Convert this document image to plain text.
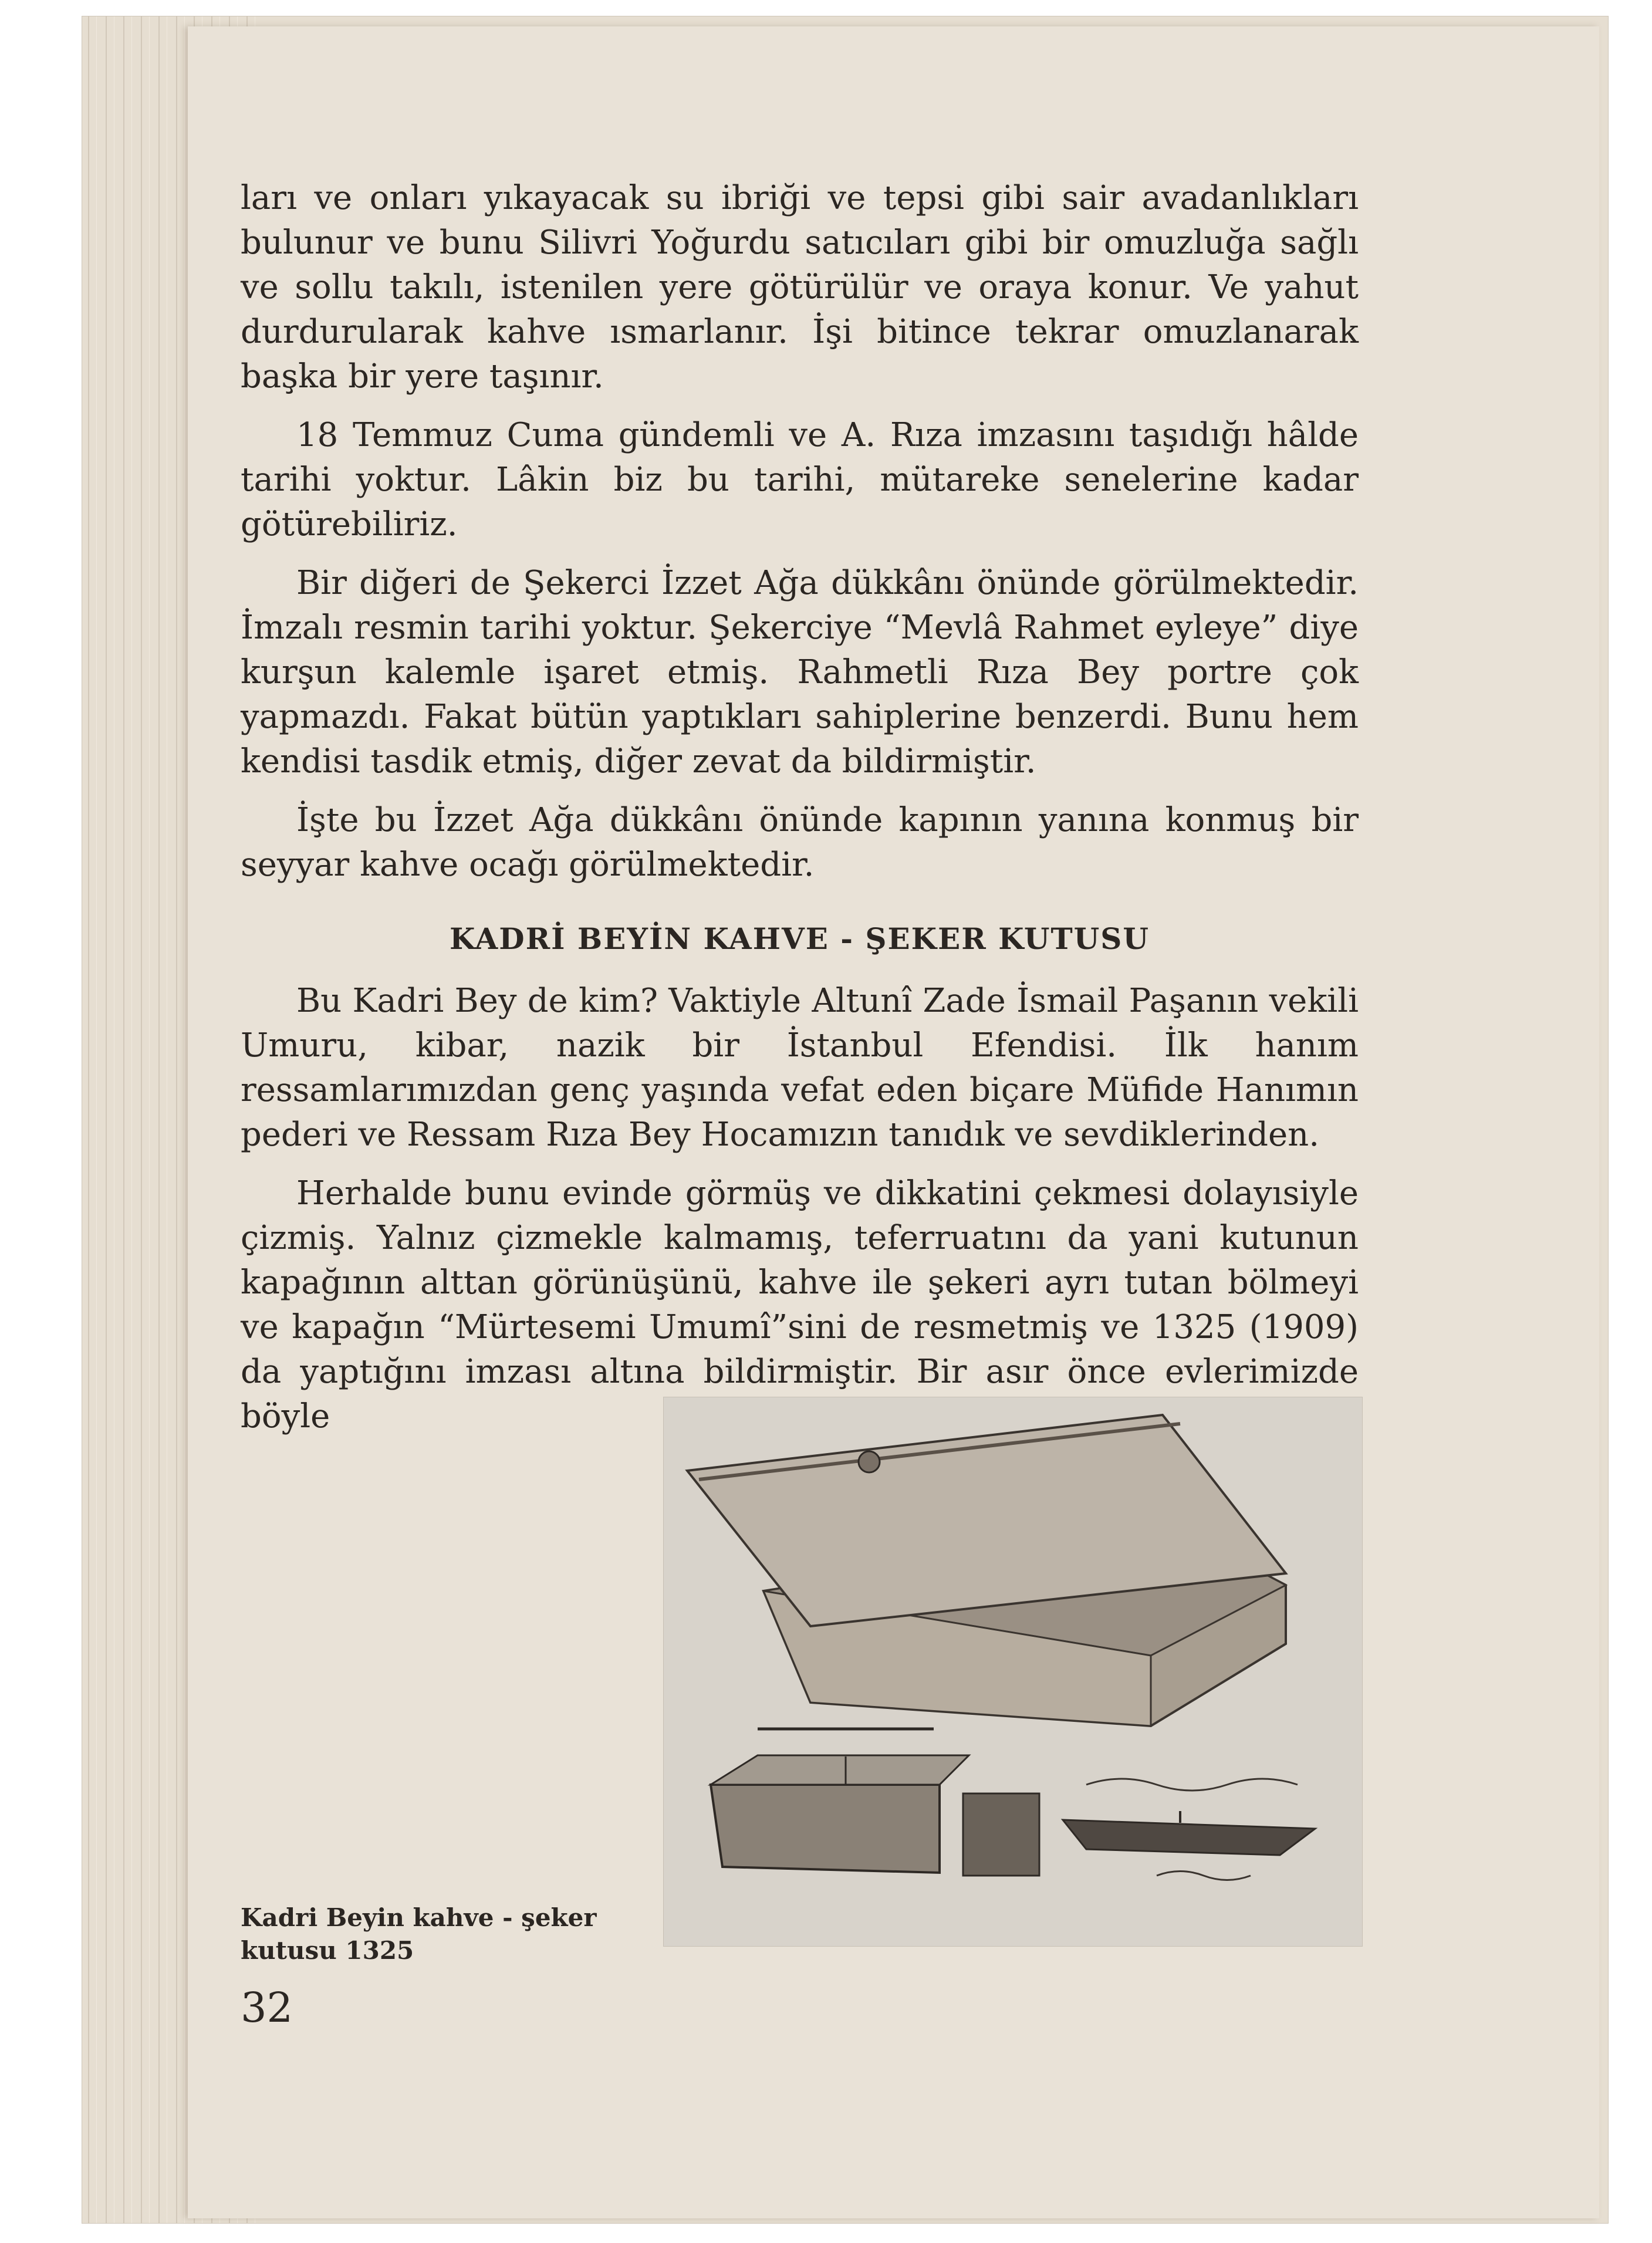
ları ve onları yıkayacak su ibriği ve tepsi gibi sair avadanlıkları bulunur ve bunu Silivri Yoğurdu satıcıları gibi bir omuzluğa sağlı ve sollu takılı, istenilen yere götürülür ve oraya konur. Ve yahut durdurularak kahve ısmarlanır. İşi bitince tekrar omuzlanarak başka bir yere taşınır.

18 Temmuz Cuma gündemli ve A. Rıza imzasını taşıdığı hâlde tarihi yoktur. Lâkin biz bu tarihi, mütareke senelerine kadar götürebiliriz.

Bir diğeri de Şekerci İzzet Ağa dükkânı önünde görülmektedir. İmzalı resmin tarihi yoktur. Şekerciye “Mevlâ Rahmet eyleye” diye kurşun kalemle işaret etmiş. Rahmetli Rıza Bey portre çok yapmazdı. Fakat bütün yaptıkları sahiplerine benzerdi. Bunu hem kendisi tasdik etmiş, diğer zevat da bildirmiştir.

İşte bu İzzet Ağa dükkânı önünde kapının yanına konmuş bir seyyar kahve ocağı görülmektedir.

KADRİ BEYİN KAHVE - ŞEKER KUTUSU

Bu Kadri Bey de kim? Vaktiyle Altunî Zade İsmail Paşanın vekili Umuru, kibar, nazik bir İstanbul Efendisi. İlk hanım ressamlarımızdan genç yaşında vefat eden biçare Müfide Hanımın pederi ve Ressam Rıza Bey Hocamızın tanıdık ve sevdiklerinden.

Herhalde bunu evinde görmüş ve dikkatini çekmesi dolayısiyle çizmiş. Yalnız çizmekle kalmamış, teferruatını da yani kutunun kapağının alttan görünüşünü, kahve ile şekeri ayrı tutan bölmeyi ve kapağın “Mürtesemi Umumî”sini de resmetmiş ve 1325 (1909) da yaptığını imzası altına bildirmiştir. Bir asır önce evlerimizde böyle

Kadri Beyin kahve - şeker kutusu 1325
32
